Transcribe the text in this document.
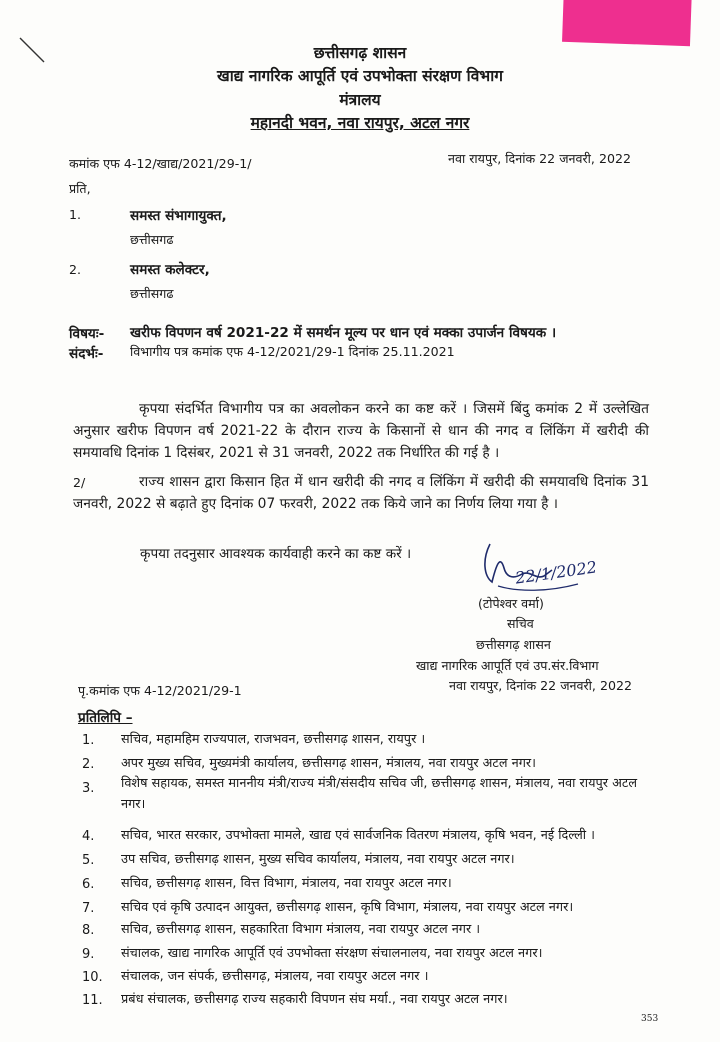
छत्तीसगढ़ शासन
खाद्य नागरिक आपूर्ति एवं उपभोक्ता संरक्षण विभाग
मंत्रालय
महानदी भवन, नवा रायपुर, अटल नगर
कमांक एफ 4-12/खाद्य/2021/29-1/	नवा रायपुर, दिनांक 22 जनवरी, 2022
प्रति,
1.	समस्त संभागायुक्त,
छत्तीसगढ
2.	समस्त कलेक्टर,
छत्तीसगढ
विषयः- खरीफ विपणन वर्ष 2021-22 में समर्थन मूल्य पर धान एवं मक्का उपार्जन विषयक ।
संदर्भः- विभागीय पत्र कमांक एफ 4-12/2021/29-1 दिनांक 25.11.2021
कृपया संदर्भित विभागीय पत्र का अवलोकन करने का कष्ट करें । जिसमें बिंदु कमांक 2 में उल्लेखित अनुसार खरीफ विपणन वर्ष 2021-22 के दौरान राज्य के किसानों से धान की नगद व लिंकिंग में खरीदी की समयावधि दिनांक 1 दिसंबर, 2021 से 31 जनवरी, 2022 तक निर्धारित की गई है ।
2/	राज्य शासन द्वारा किसान हित में धान खरीदी की नगद व लिंकिंग में खरीदी की समयावधि दिनांक 31 जनवरी, 2022 से बढ़ाते हुए दिनांक 07 फरवरी, 2022 तक किये जाने का निर्णय लिया गया है ।
कृपया तदनुसार आवश्यक कार्यवाही करने का कष्ट करें ।
22/1/2022
(टोपेश्वर वर्मा)
सचिव
छत्तीसगढ़ शासन
खाद्य नागरिक आपूर्ति एवं उप.संर.विभाग
नवा रायपुर, दिनांक 22 जनवरी, 2022
पृ.कमांक एफ 4-12/2021/29-1
प्रतिलिपि –
1. सचिव, महामहिम राज्यपाल, राजभवन, छत्तीसगढ़ शासन, रायपुर ।
2. अपर मुख्य सचिव, मुख्यमंत्री कार्यालय, छत्तीसगढ़ शासन, मंत्रालय, नवा रायपुर अटल नगर।
3. विशेष सहायक, समस्त माननीय मंत्री/राज्य मंत्री/संसदीय सचिव जी, छत्तीसगढ़ शासन, मंत्रालय, नवा रायपुर अटल नगर।
4. सचिव, भारत सरकार, उपभोक्ता मामले, खाद्य एवं सार्वजनिक वितरण मंत्रालय, कृषि भवन, नई दिल्ली ।
5. उप सचिव, छत्तीसगढ़ शासन, मुख्य सचिव कार्यालय, मंत्रालय, नवा रायपुर अटल नगर।
6. सचिव, छत्तीसगढ़ शासन, वित्त विभाग, मंत्रालय, नवा रायपुर अटल नगर।
7. सचिव एवं कृषि उत्पादन आयुक्त, छत्तीसगढ़ शासन, कृषि विभाग, मंत्रालय, नवा रायपुर अटल नगर।
8. सचिव, छत्तीसगढ़ शासन, सहकारिता विभाग मंत्रालय, नवा रायपुर अटल नगर ।
9. संचालक, खाद्य नागरिक आपूर्ति एवं उपभोक्ता संरक्षण संचालनालय, नवा रायपुर अटल नगर।
10. संचालक, जन संपर्क, छत्तीसगढ़, मंत्रालय, नवा रायपुर अटल नगर ।
11. प्रबंध संचालक, छत्तीसगढ़ राज्य सहकारी विपणन संघ मर्या., नवा रायपुर अटल नगर।
353
